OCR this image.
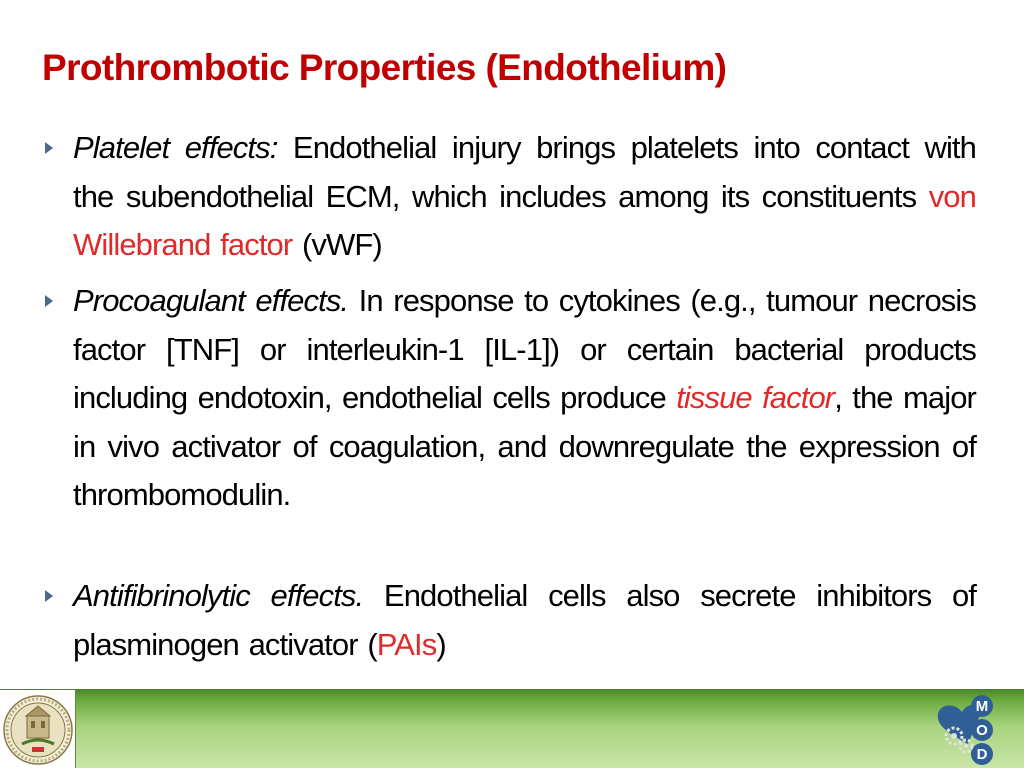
Prothrombotic Properties (Endothelium)
Platelet effects: Endothelial injury brings platelets into contact with the subendothelial ECM, which includes among its constituents von Willebrand factor (vWF)
Procoagulant effects. In response to cytokines (e.g., tumour necrosis factor [TNF] or interleukin-1 [IL-1]) or certain bacterial products including endotoxin, endothelial cells produce tissue factor, the major in vivo activator of coagulation, and downregulate the expression of thrombomodulin.
Antifibrinolytic effects. Endothelial cells also secrete inhibitors of plasminogen activator (PAIs)
M
O
D
